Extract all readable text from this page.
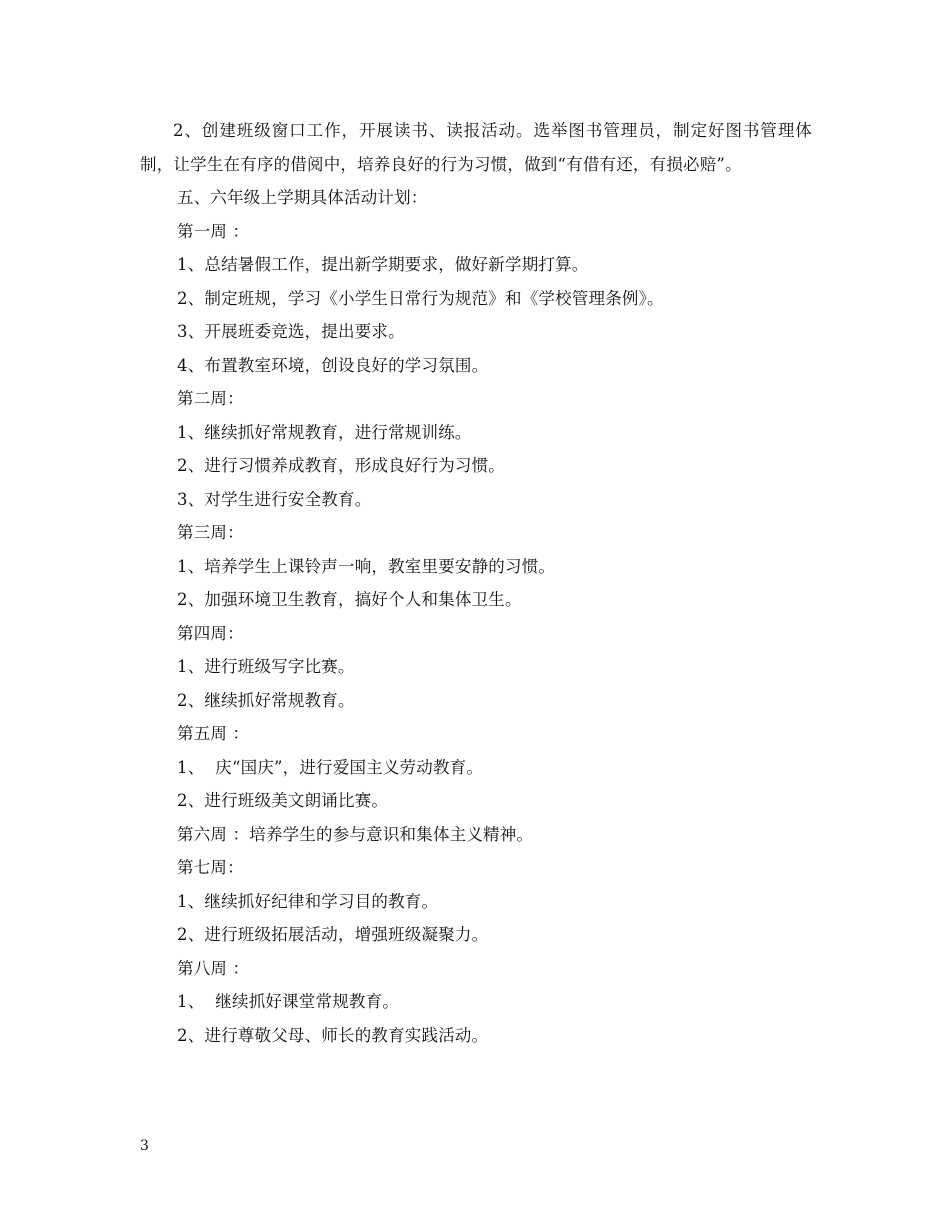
2、创建班级窗口工作，开展读书、读报活动。选举图书管理员，制定好图书管理体制，让学生在有序的借阅中，培养良好的行为习惯，做到“有借有还，有损必赔”。

五、六年级上学期具体活动计划：

第一周 ：

1、总结暑假工作，提出新学期要求，做好新学期打算。

2、制定班规，学习《小学生日常行为规范》和《学校管理条例》。

3、开展班委竞选，提出要求。

4、布置教室环境，创设良好的学习氛围。

第二周：

1、继续抓好常规教育，进行常规训练。

2、进行习惯养成教育，形成良好行为习惯。

3、对学生进行安全教育。

第三周：

1、培养学生上课铃声一响，教室里要安静的习惯。

2、加强环境卫生教育，搞好个人和集体卫生。

第四周：

1、进行班级写字比赛。

2、继续抓好常规教育。

第五周 ：

1、  庆“国庆”，进行爱国主义劳动教育。

2、进行班级美文朗诵比赛。

第六周 ：培养学生的参与意识和集体主义精神。

第七周：

1、继续抓好纪律和学习目的教育。

2、进行班级拓展活动，增强班级凝聚力。

第八周 ：

1、  继续抓好课堂常规教育。

2、进行尊敬父母、师长的教育实践活动。

3
